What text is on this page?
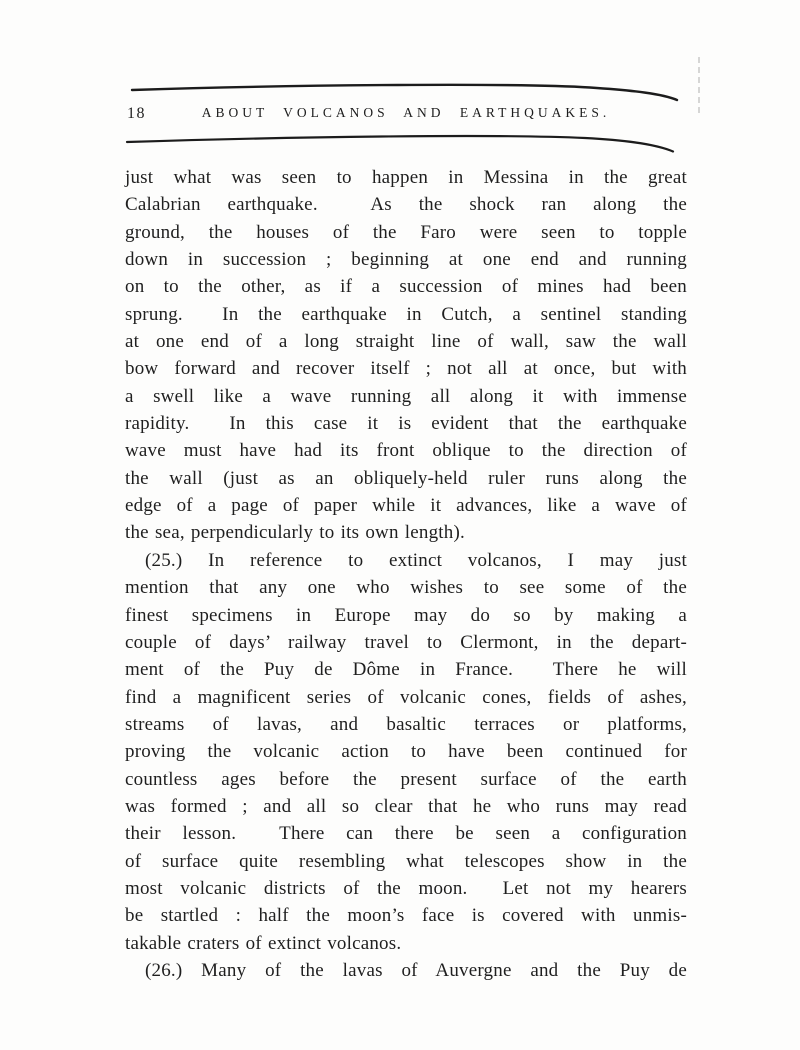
18	ABOUT VOLCANOS AND EARTHQUAKES.
just what was seen to happen in Messina in the great
Calabrian earthquake.  As the shock ran along the
ground, the houses of the Faro were seen to topple
down in succession ; beginning at one end and running
on to the other, as if a succession of mines had been
sprung.  In the earthquake in Cutch, a sentinel standing
at one end of a long straight line of wall, saw the wall
bow forward and recover itself ; not all at once, but with
a swell like a wave running all along it with immense
rapidity.  In this case it is evident that the earthquake
wave must have had its front oblique to the direction of
the wall (just as an obliquely-held ruler runs along the
edge of a page of paper while it advances, like a wave of
the sea, perpendicularly to its own length).
(25.) In reference to extinct volcanos, I may just
mention that any one who wishes to see some of the
finest specimens in Europe may do so by making a
couple of days’ railway travel to Clermont, in the depart-
ment of the Puy de Dôme in France.  There he will
find a magnificent series of volcanic cones, fields of ashes,
streams of lavas, and basaltic terraces or platforms,
proving the volcanic action to have been continued for
countless ages before the present surface of the earth
was formed ; and all so clear that he who runs may read
their lesson.  There can there be seen a configuration
of surface quite resembling what telescopes show in the
most volcanic districts of the moon.  Let not my hearers
be startled : half the moon’s face is covered with unmis-
takable craters of extinct volcanos.
(26.) Many of the lavas of Auvergne and the Puy de
